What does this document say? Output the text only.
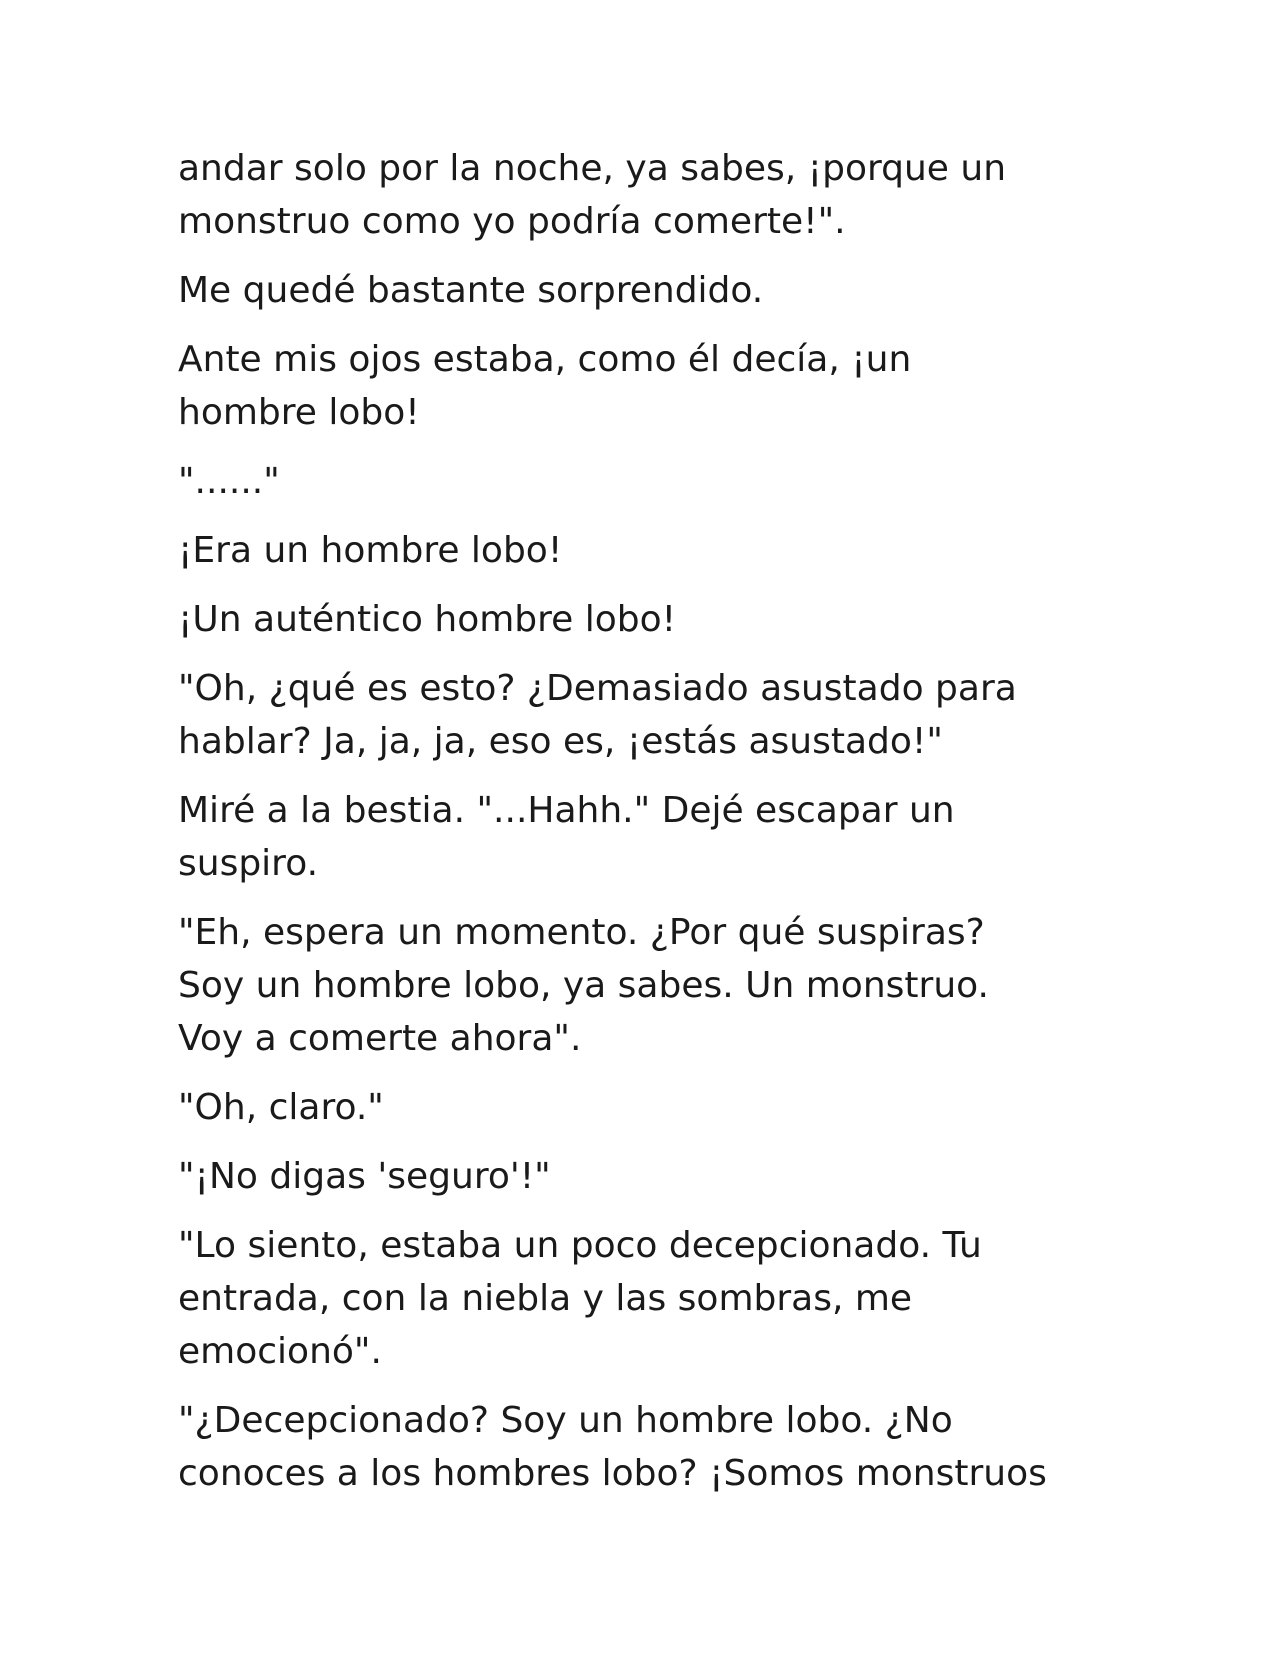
andar solo por la noche, ya sabes, ¡porque un
monstruo como yo podría comerte!".

Me quedé bastante sorprendido.

Ante mis ojos estaba, como él decía, ¡un
hombre lobo!

"......"

¡Era un hombre lobo!

¡Un auténtico hombre lobo!

"Oh, ¿qué es esto? ¿Demasiado asustado para
hablar? Ja, ja, ja, eso es, ¡estás asustado!"

Miré a la bestia. "...Hahh." Dejé escapar un
suspiro.

"Eh, espera un momento. ¿Por qué suspiras?
Soy un hombre lobo, ya sabes. Un monstruo.
Voy a comerte ahora".

"Oh, claro."

"¡No digas 'seguro'!"

"Lo siento, estaba un poco decepcionado. Tu
entrada, con la niebla y las sombras, me
emocionó".

"¿Decepcionado? Soy un hombre lobo. ¿No
conoces a los hombres lobo? ¡Somos monstruos
